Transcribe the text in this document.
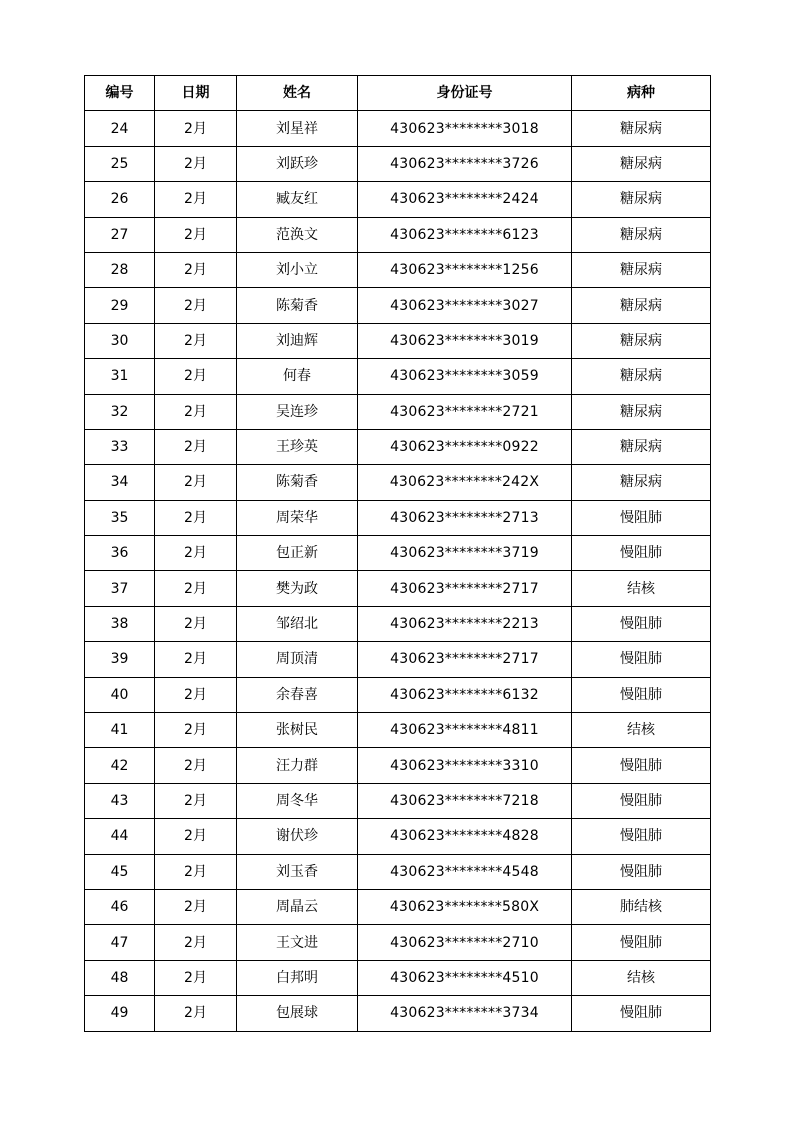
编号	日期	姓名	身份证号	病种
24	2月	刘星祥	430623********3018	糖尿病
25	2月	刘跃珍	430623********3726	糖尿病
26	2月	臧友红	430623********2424	糖尿病
27	2月	范涣文	430623********6123	糖尿病
28	2月	刘小立	430623********1256	糖尿病
29	2月	陈菊香	430623********3027	糖尿病
30	2月	刘迪辉	430623********3019	糖尿病
31	2月	何春	430623********3059	糖尿病
32	2月	吴连珍	430623********2721	糖尿病
33	2月	王珍英	430623********0922	糖尿病
34	2月	陈菊香	430623********242X	糖尿病
35	2月	周荣华	430623********2713	慢阻肺
36	2月	包正新	430623********3719	慢阻肺
37	2月	樊为政	430623********2717	结核
38	2月	邹绍北	430623********2213	慢阻肺
39	2月	周顶清	430623********2717	慢阻肺
40	2月	余春喜	430623********6132	慢阻肺
41	2月	张树民	430623********4811	结核
42	2月	汪力群	430623********3310	慢阻肺
43	2月	周冬华	430623********7218	慢阻肺
44	2月	谢伏珍	430623********4828	慢阻肺
45	2月	刘玉香	430623********4548	慢阻肺
46	2月	周晶云	430623********580X	肺结核
47	2月	王文进	430623********2710	慢阻肺
48	2月	白邦明	430623********4510	结核
49	2月	包展球	430623********3734	慢阻肺
